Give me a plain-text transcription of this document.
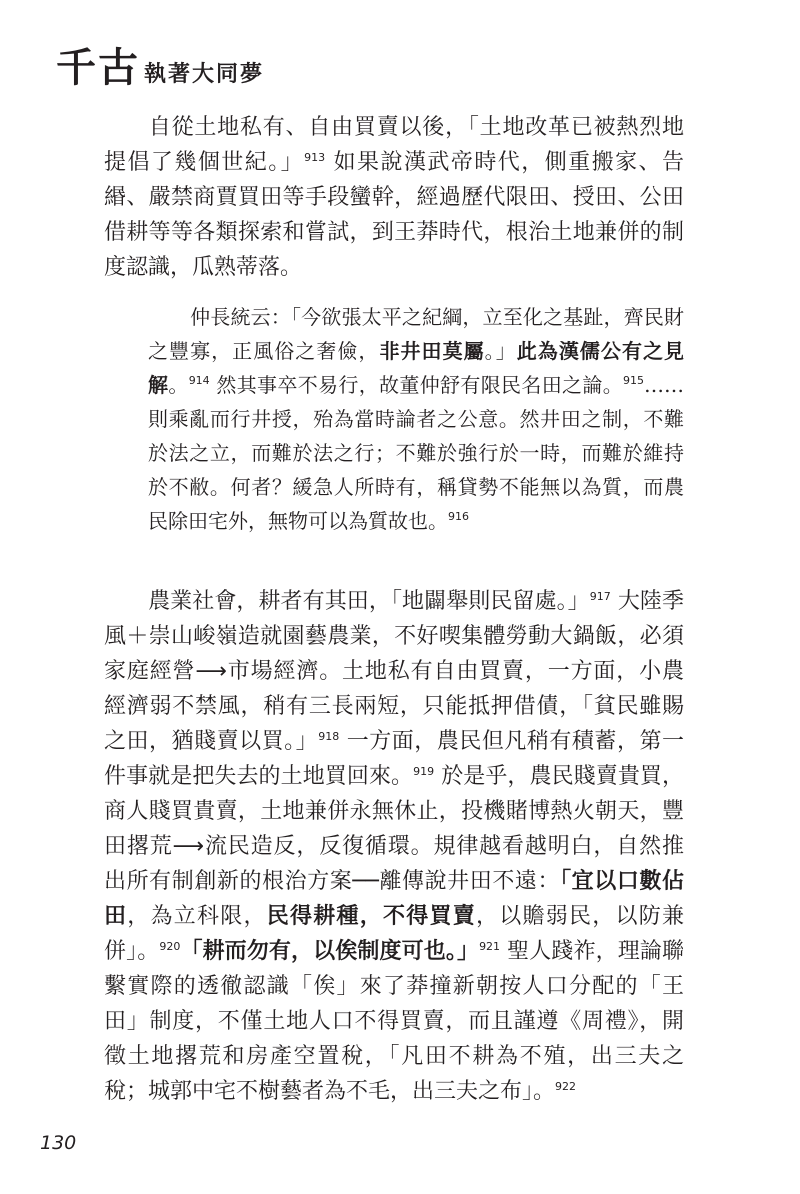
千古 執著大同夢

自從土地私有、自由買賣以後，「土地改革已被熱烈地提倡了幾個世紀。」$^{913}$ 如果說漢武帝時代，側重搬家、告緡、嚴禁商賈買田等手段蠻幹，經過歷代限田、授田、公田借耕等等各類探索和嘗試，到王莽時代，根治土地兼併的制度認識，瓜熟蒂落。

仲長統云：「今欲張太平之紀綱，立至化之基趾，齊民財之豐寡，正風俗之奢儉，非井田莫屬。」此為漢儒公有之見解。$^{914}$ 然其事卒不易行，故董仲舒有限民名田之論。$^{915}$……則乘亂而行井授，殆為當時論者之公意。然井田之制，不難於法之立，而難於法之行；不難於強行於一時，而難於維持於不敝。何者？緩急人所時有，稱貸勢不能無以為質，而農民除田宅外，無物可以為質故也。$^{916}$

農業社會，耕者有其田，「地闢舉則民留處。」$^{917}$ 大陸季風＋崇山峻嶺造就園藝農業，不好喫集體勞動大鍋飯，必須家庭經營⟶市場經濟。土地私有自由買賣，一方面，小農經濟弱不禁風，稍有三長兩短，只能抵押借債，「貧民雖賜之田，猶賤賣以買。」$^{918}$ 一方面，農民但凡稍有積蓄，第一件事就是把失去的土地買回來。$^{919}$ 於是乎，農民賤賣貴買，商人賤買貴賣，土地兼併永無休止，投機賭博熱火朝天，豐田撂荒⟶流民造反，反復循環。規律越看越明白，自然推出所有制創新的根治方案──離傳說井田不遠：「宜以口數佔田，為立科限，民得耕種，不得買賣，以贍弱民，以防兼併」。$^{920}$「耕而勿有，以俟制度可也。」$^{921}$ 聖人踐祚，理論聯繫實際的透徹認識「俟」來了莽撞新朝按人口分配的「王田」制度，不僅土地人口不得買賣，而且謹遵《周禮》，開徵土地撂荒和房產空置稅，「凡田不耕為不殖，出三夫之稅；城郭中宅不樹藝者為不毛，出三夫之布」。$^{922}$

130
